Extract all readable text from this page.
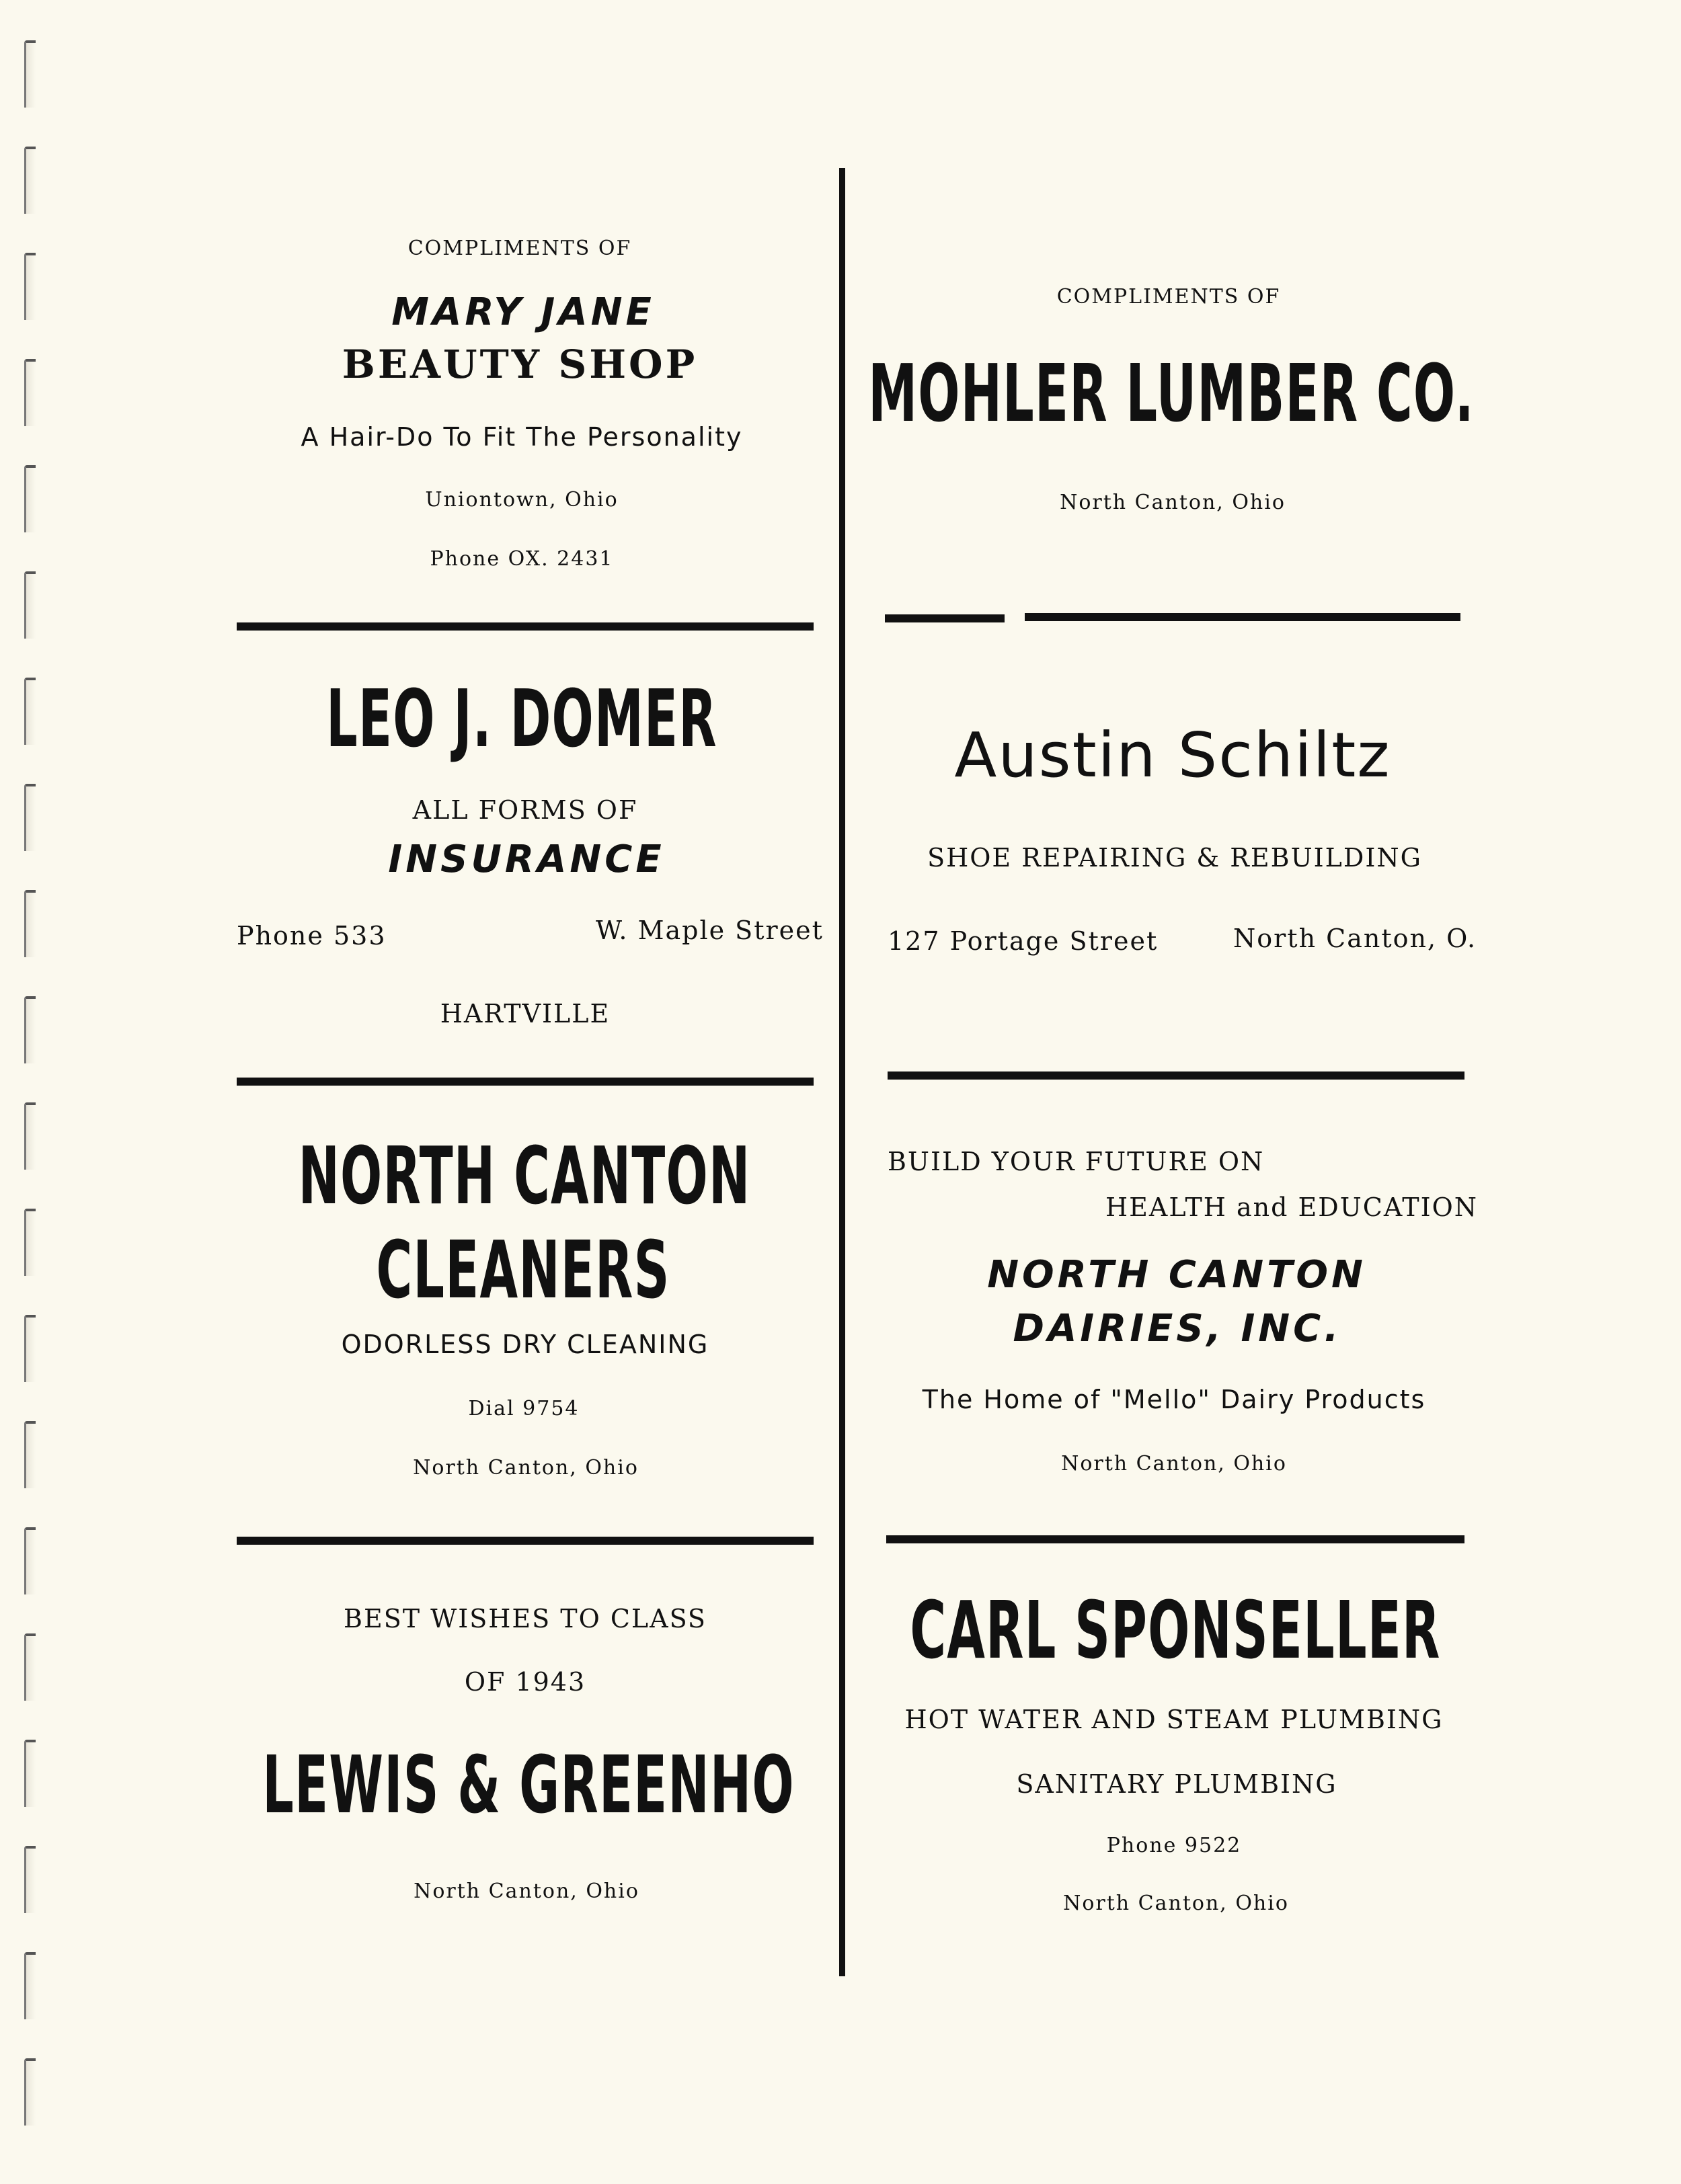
COMPLIMENTS OF
MARY JANE
BEAUTY SHOP
A Hair-Do To Fit The Personality
Uniontown, Ohio
Phone OX. 2431
LEO J. DOMER
ALL FORMS OF
INSURANCE
Phone 533	W. Maple Street
HARTVILLE
NORTH CANTON
CLEANERS
ODORLESS DRY CLEANING
Dial 9754
North Canton, Ohio
BEST WISHES TO CLASS
OF 1943
LEWIS & GREENHO
North Canton, Ohio
COMPLIMENTS OF
MOHLER LUMBER CO.
North Canton, Ohio
Austin Schiltz
SHOE REPAIRING & REBUILDING
127 Portage Street	North Canton, O.
BUILD YOUR FUTURE ON
HEALTH and EDUCATION
NORTH CANTON
DAIRIES, INC.
The Home of "Mello" Dairy Products
North Canton, Ohio
CARL SPONSELLER
HOT WATER AND STEAM PLUMBING
SANITARY PLUMBING
Phone 9522
North Canton, Ohio
